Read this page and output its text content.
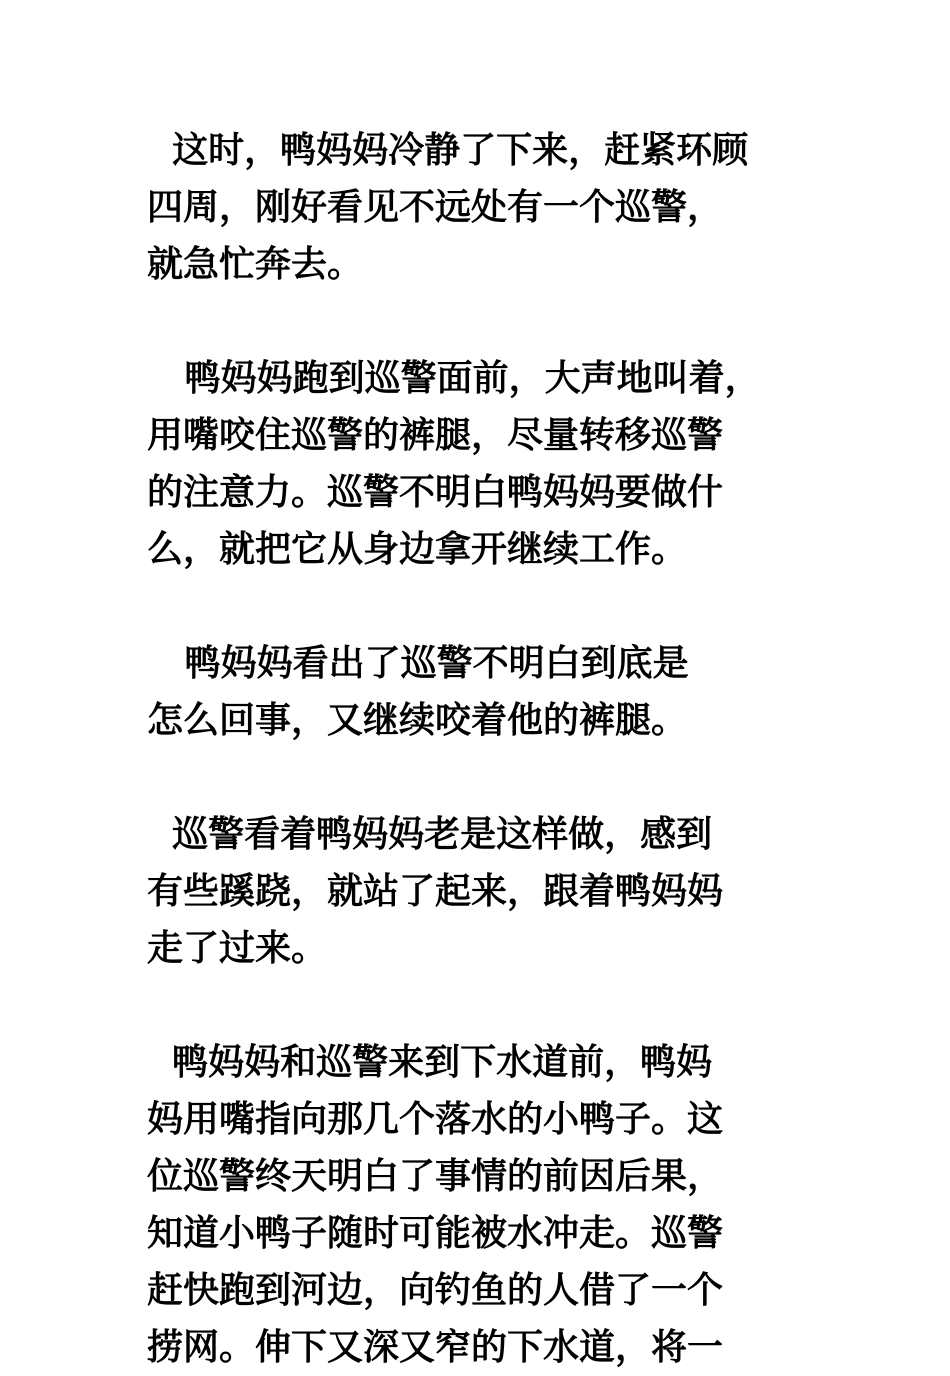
这时，鸭妈妈冷静了下来，赶紧环顾
四周，刚好看见不远处有一个巡警，
就急忙奔去。
鸭妈妈跑到巡警面前，大声地叫着，
用嘴咬住巡警的裤腿，尽量转移巡警
的注意力。巡警不明白鸭妈妈要做什
么，就把它从身边拿开继续工作。
鸭妈妈看出了巡警不明白到底是
怎么回事，又继续咬着他的裤腿。
巡警看着鸭妈妈老是这样做，感到
有些蹊跷，就站了起来，跟着鸭妈妈
走了过来。
鸭妈妈和巡警来到下水道前，鸭妈
妈用嘴指向那几个落水的小鸭子。这
位巡警终天明白了事情的前因后果，
知道小鸭子随时可能被水冲走。巡警
赶快跑到河边，向钓鱼的人借了一个
捞网。伸下又深又窄的下水道，将一
